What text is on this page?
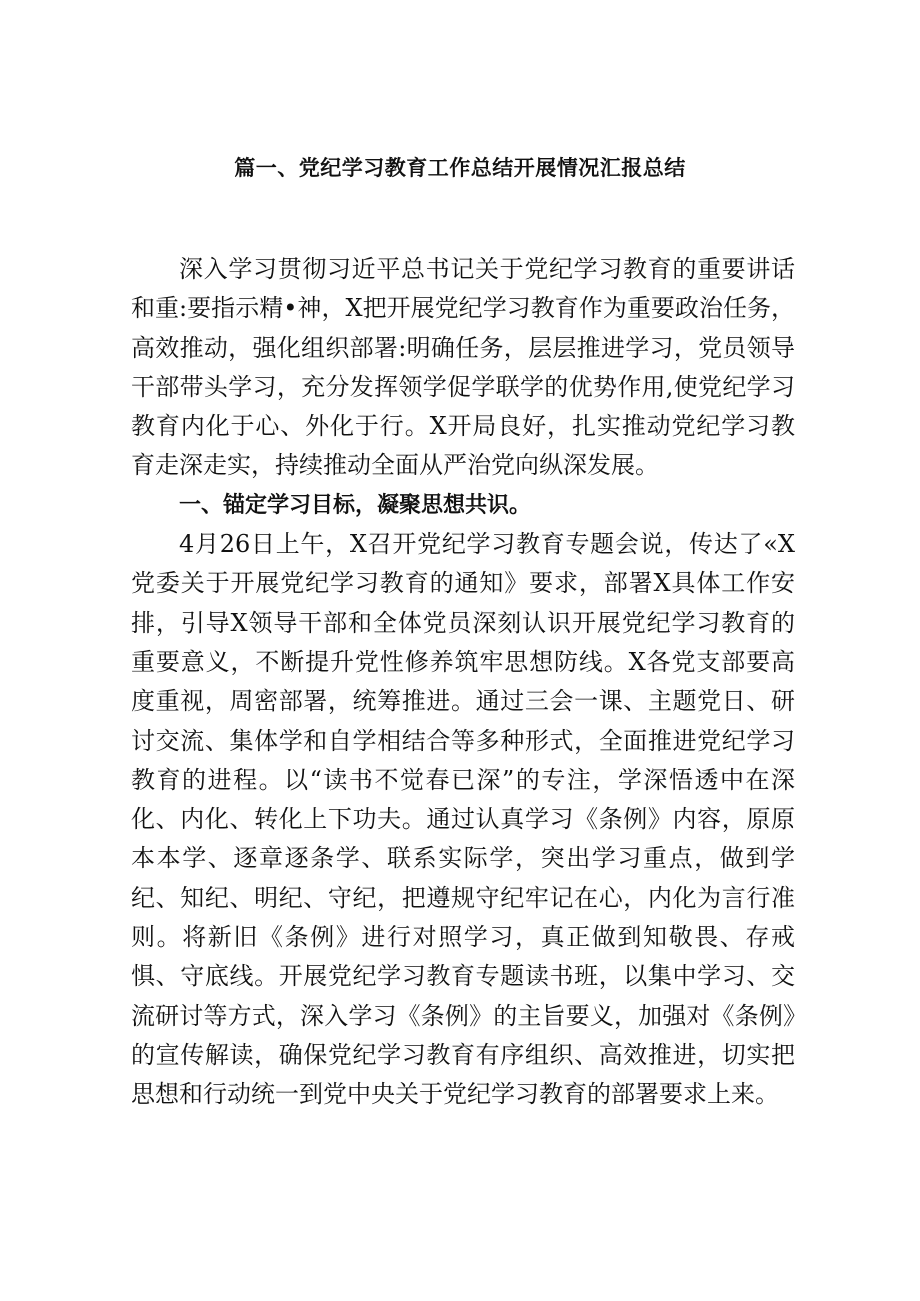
篇一、党纪学习教育工作总结开展情况汇报总结

深入学习贯彻习近平总书记关于党纪学习教育的重要讲话和重:要指示精•神，X把开展党纪学习教育作为重要政治任务，高效推动，强化组织部署:明确任务，层层推进学习，党员领导干部带头学习，充分发挥领学促学联学的优势作用,使党纪学习教育内化于心、外化于行。X开局良好，扎实推动党纪学习教育走深走实，持续推动全面从严治党向纵深发展。

一、锚定学习目标，凝聚思想共识。

4月26日上午，X召开党纪学习教育专题会说，传达了«X党委关于开展党纪学习教育的通知》要求，部署X具体工作安排，引导X领导干部和全体党员深刻认识开展党纪学习教育的重要意义，不断提升党性修养筑牢思想防线。X各党支部要高度重视，周密部署，统筹推进。通过三会一课、主题党日、研讨交流、集体学和自学相结合等多种形式，全面推进党纪学习教育的进程。以“读书不觉春已深”的专注，学深悟透中在深化、内化、转化上下功夫。通过认真学习《条例》内容，原原本本学、逐章逐条学、联系实际学，突出学习重点，做到学纪、知纪、明纪、守纪，把遵规守纪牢记在心，内化为言行准则。将新旧《条例》进行对照学习，真正做到知敬畏、存戒惧、守底线。开展党纪学习教育专题读书班，以集中学习、交流研讨等方式，深入学习《条例》的主旨要义，加强对《条例》的宣传解读，确保党纪学习教育有序组织、高效推进，切实把思想和行动统一到党中央关于党纪学习教育的部署要求上来。
